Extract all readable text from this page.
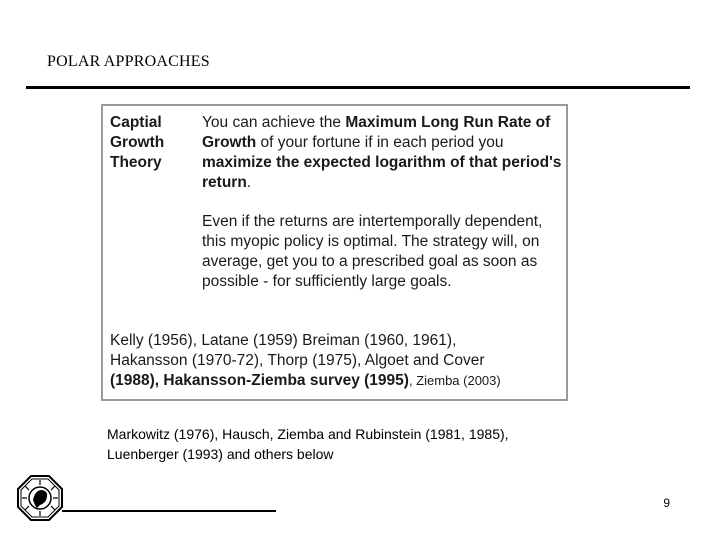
POLAR APPROACHES
Captial
Growth
Theory

You can achieve the Maximum Long Run Rate of Growth of your fortune if in each period you maximize the expected logarithm of that period's return.

Even if the returns are intertemporally dependent, this myopic policy is optimal. The strategy will, on average, get you to a prescribed goal as soon as possible - for sufficiently large goals.

Kelly (1956), Latane (1959) Breiman (1960, 1961),
Hakansson (1970-72), Thorp (1975), Algoet and Cover
(1988), Hakansson-Ziemba survey (1995), Ziemba (2003)
Markowitz (1976), Hausch, Ziemba and Rubinstein (1981, 1985), Luenberger (1993) and others below
9
